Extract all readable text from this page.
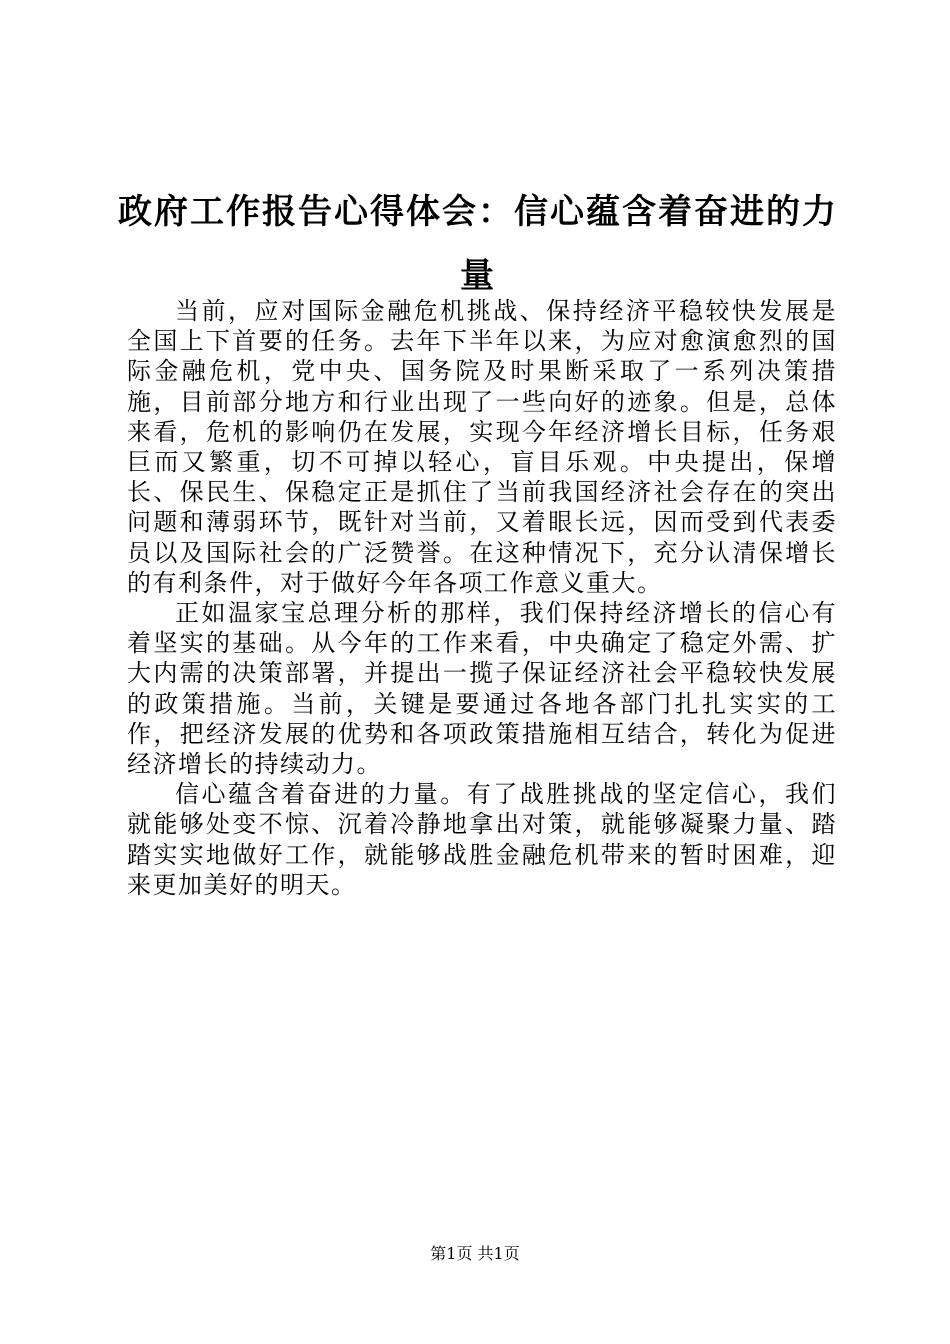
政府工作报告心得体会：信心蕴含着奋进的力量

当前，应对国际金融危机挑战、保持经济平稳较快发展是全国上下首要的任务。去年下半年以来，为应对愈演愈烈的国际金融危机，党中央、国务院及时果断采取了一系列决策措施，目前部分地方和行业出现了一些向好的迹象。但是，总体来看，危机的影响仍在发展，实现今年经济增长目标，任务艰巨而又繁重，切不可掉以轻心，盲目乐观。中央提出，保增长、保民生、保稳定正是抓住了当前我国经济社会存在的突出问题和薄弱环节，既针对当前，又着眼长远，因而受到代表委员以及国际社会的广泛赞誉。在这种情况下，充分认清保增长的有利条件，对于做好今年各项工作意义重大。

正如温家宝总理分析的那样，我们保持经济增长的信心有着坚实的基础。从今年的工作来看，中央确定了稳定外需、扩大内需的决策部署，并提出一揽子保证经济社会平稳较快发展的政策措施。当前，关键是要通过各地各部门扎扎实实的工作，把经济发展的优势和各项政策措施相互结合，转化为促进经济增长的持续动力。

信心蕴含着奋进的力量。有了战胜挑战的坚定信心，我们就能够处变不惊、沉着冷静地拿出对策，就能够凝聚力量、踏踏实实地做好工作，就能够战胜金融危机带来的暂时困难，迎来更加美好的明天。

第1页 共1页
